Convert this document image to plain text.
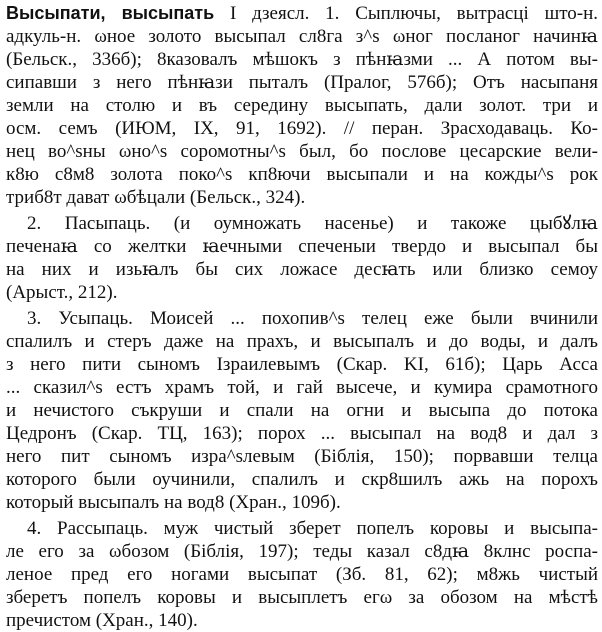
Высыпати, высыпать I дзеясл. 1. Сыплючы, вытрасці што-н.
адкуль-н. ωное золото высыпал сл8га з^s ωног посланог начинꙗ
(Бельск., 336б); 8казовалъ мѣшокъ з пѣнꙗзми ... А потом вы-
сипавши з него пѣнꙗзи пыталъ (Пралог, 576б); Отъ насыпаня
земли на столю и въ середину высыпать, дали золот. три и
осм. семъ (ИЮМ, IX, 91, 1692). // перан. Зрасходаваць. Ко-
нец во^sны ωно^s соромотны^s был, бо послове цесарские вели-
к8ю с8м8 золота поко^s кп8ючи высыпали и на кожды^s рок
триб8т дават ωбѣцали (Бельск., 324).
2. Пасыпаць. (и оумножать насенье) и такоже цыбꙋлꙗ
печенаꙗ со желтки ꙗечными спеченыи твердо и высыпал бы
на них и изьꙗлъ бы сих ложасе десꙗть или близко семоу
(Арыст., 212).
3. Усыпаць. Моисей ... похопив^s телец еже были вчинили
спалилъ и стеръ даже на прахъ, и высыпалъ и до воды, и далъ
з него пити сыномъ Ізраилевымъ (Скар. KI, 61б); Царь Асса
... сказил^s естъ храмъ той, и гай высече, и кумира срамотного
и нечистого съкруши и спали на огни и высыпа до потока
Цедронъ (Скар. ТЦ, 163); порох ... высыпал на вод8 и дал з
него пит сыномъ изра^sлевым (Біблія, 150); порвавши телца
которого были оучинили, спалилъ и скр8шилъ ажь на порохъ
который высыпалъ на вод8 (Хран., 109б).
4. Рассыпаць. муж чистый зберет попелъ коровы и высыпа-
ле его за ωбозом (Біблія, 197); теды казал с8дꙗ 8клнс роспа-
леное пред его ногами высыпат (Зб. 81, 62); м8жь чистый
зберетъ попелъ коровы и высыплетъ егω за обозом на мѣстѣ
пречистом (Хран., 140).
